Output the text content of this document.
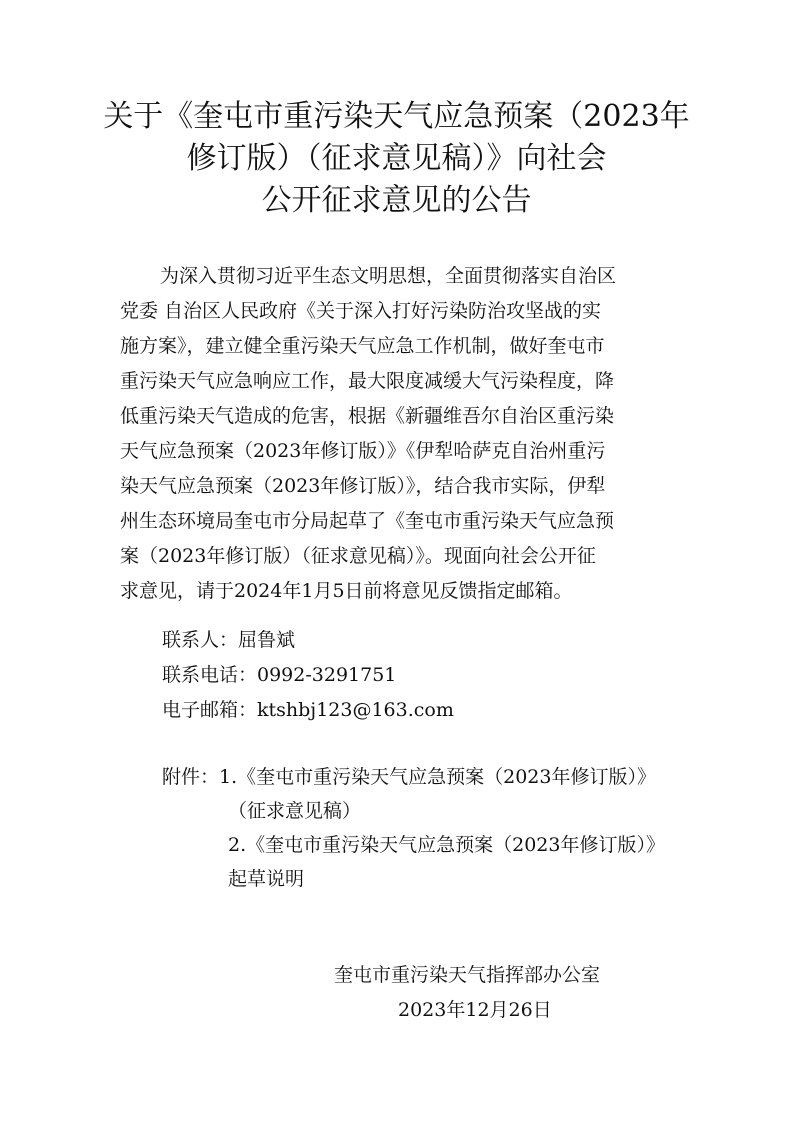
关于《奎屯市重污染天气应急预案（2023年
修订版）（征求意见稿）》向社会
公开征求意见的公告
为深入贯彻习近平生态文明思想，全面贯彻落实自治区
党委 自治区人民政府《关于深入打好污染防治攻坚战的实
施方案》，建立健全重污染天气应急工作机制，做好奎屯市
重污染天气应急响应工作，最大限度减缓大气污染程度，降
低重污染天气造成的危害，根据《新疆维吾尔自治区重污染
天气应急预案（2023年修订版）》《伊犁哈萨克自治州重污
染天气应急预案（2023年修订版）》，结合我市实际，伊犁
州生态环境局奎屯市分局起草了《奎屯市重污染天气应急预
案（2023年修订版）（征求意见稿）》。现面向社会公开征
求意见，请于2024年1月5日前将意见反馈指定邮箱。
联系人：屈鲁斌
联系电话：0992-3291751
电子邮箱：ktshbj123@163.com
附件：1.《奎屯市重污染天气应急预案（2023年修订版）》
（征求意见稿）
2.《奎屯市重污染天气应急预案（2023年修订版）》
起草说明
奎屯市重污染天气指挥部办公室
2023年12月26日
